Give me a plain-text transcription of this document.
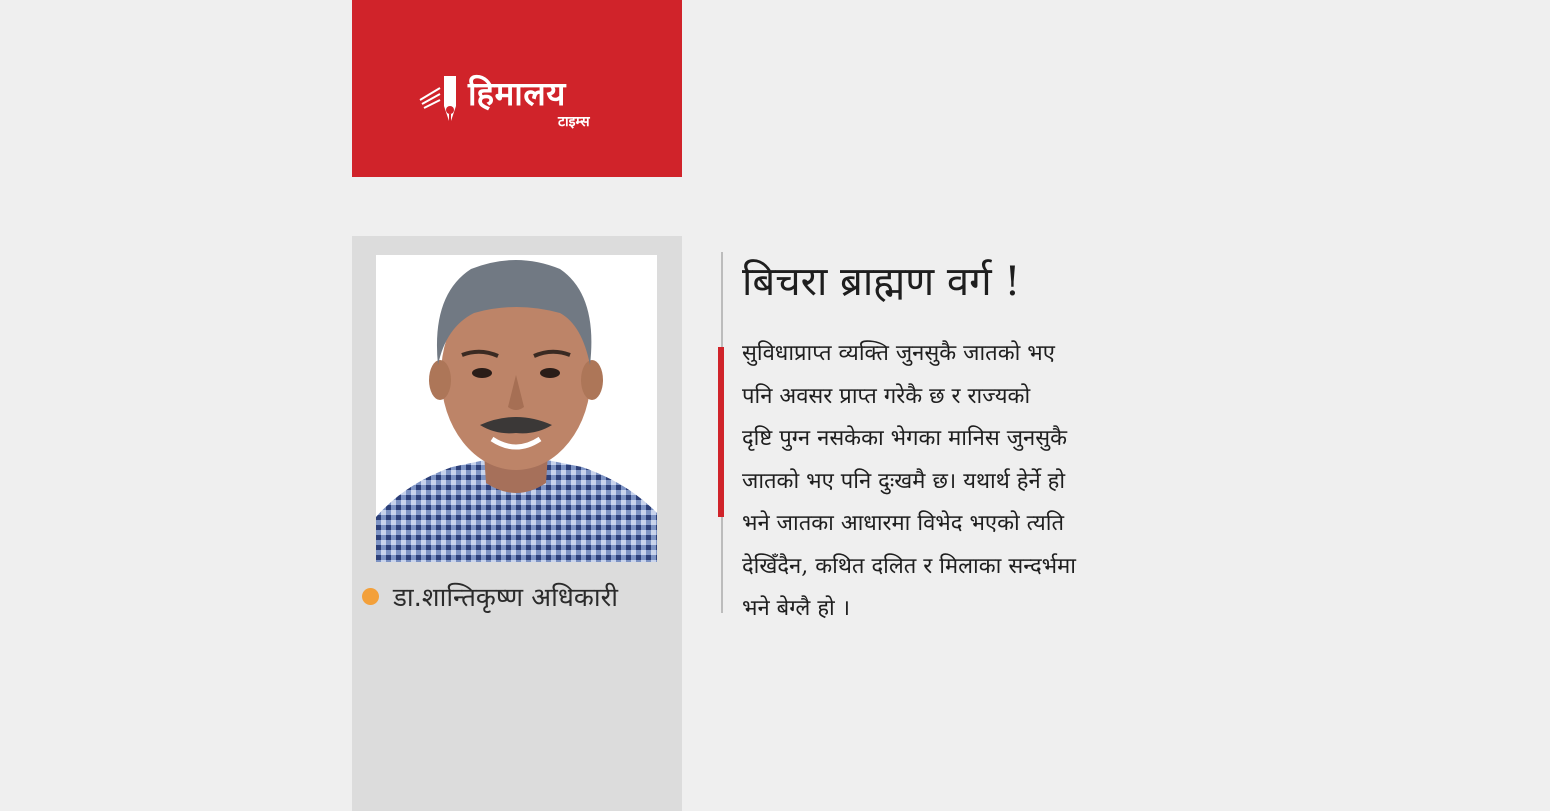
हिमालय
टाइम्स
डा.शान्तिकृष्ण अधिकारी
बिचरा ब्राह्मण वर्ग !
सुविधाप्राप्त व्यक्ति जुनसुकै जातको भए
पनि अवसर प्राप्त गरेकै छ र राज्यको
दृष्टि पुग्न नसकेका भेगका मानिस जुनसुकै
जातको भए पनि दुःखमै छ। यथार्थ हेर्ने हो
भने जातका आधारमा विभेद भएको त्यति
देखिँदैन, कथित दलित र मिलाका सन्दर्भमा
भने बेग्लै हो ।
